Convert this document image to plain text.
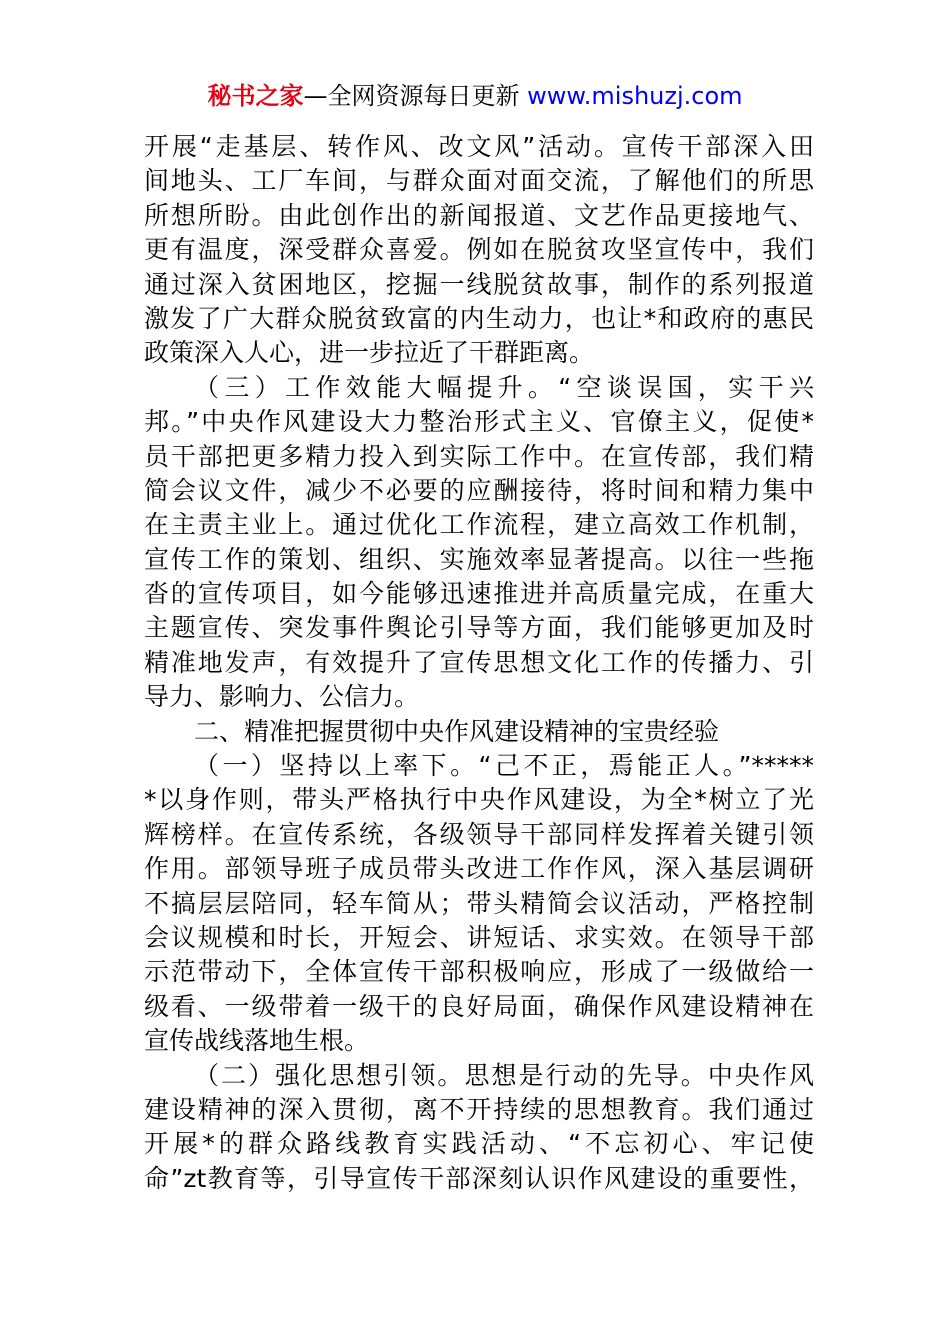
秘书之家—全网资源每日更新 www.mishuzj.com
开展“走基层、转作风、改文风”活动。宣传干部深入田
间地头、工厂车间，与群众面对面交流，了解他们的所思
所想所盼。由此创作出的新闻报道、文艺作品更接地气、
更有温度，深受群众喜爱。例如在脱贫攻坚宣传中，我们
通过深入贫困地区，挖掘一线脱贫故事，制作的系列报道
激发了广大群众脱贫致富的内生动力，也让*和政府的惠民
政策深入人心，进一步拉近了干群距离。
（三）工作效能大幅提升。“空谈误国，实干兴
邦。”中央作风建设大力整治形式主义、官僚主义，促使*
员干部把更多精力投入到实际工作中。在宣传部，我们精
简会议文件，减少不必要的应酬接待，将时间和精力集中
在主责主业上。通过优化工作流程，建立高效工作机制，
宣传工作的策划、组织、实施效率显著提高。以往一些拖
沓的宣传项目，如今能够迅速推进并高质量完成，在重大
主题宣传、突发事件舆论引导等方面，我们能够更加及时
精准地发声，有效提升了宣传思想文化工作的传播力、引
导力、影响力、公信力。
二、精准把握贯彻中央作风建设精神的宝贵经验
（一）坚持以上率下。“己不正，焉能正人。”*****
*以身作则，带头严格执行中央作风建设，为全*树立了光
辉榜样。在宣传系统，各级领导干部同样发挥着关键引领
作用。部领导班子成员带头改进工作作风，深入基层调研
不搞层层陪同，轻车简从；带头精简会议活动，严格控制
会议规模和时长，开短会、讲短话、求实效。在领导干部
示范带动下，全体宣传干部积极响应，形成了一级做给一
级看、一级带着一级干的良好局面，确保作风建设精神在
宣传战线落地生根。
（二）强化思想引领。思想是行动的先导。中央作风
建设精神的深入贯彻，离不开持续的思想教育。我们通过
开展*的群众路线教育实践活动、“不忘初心、牢记使
命”zt教育等，引导宣传干部深刻认识作风建设的重要性，
